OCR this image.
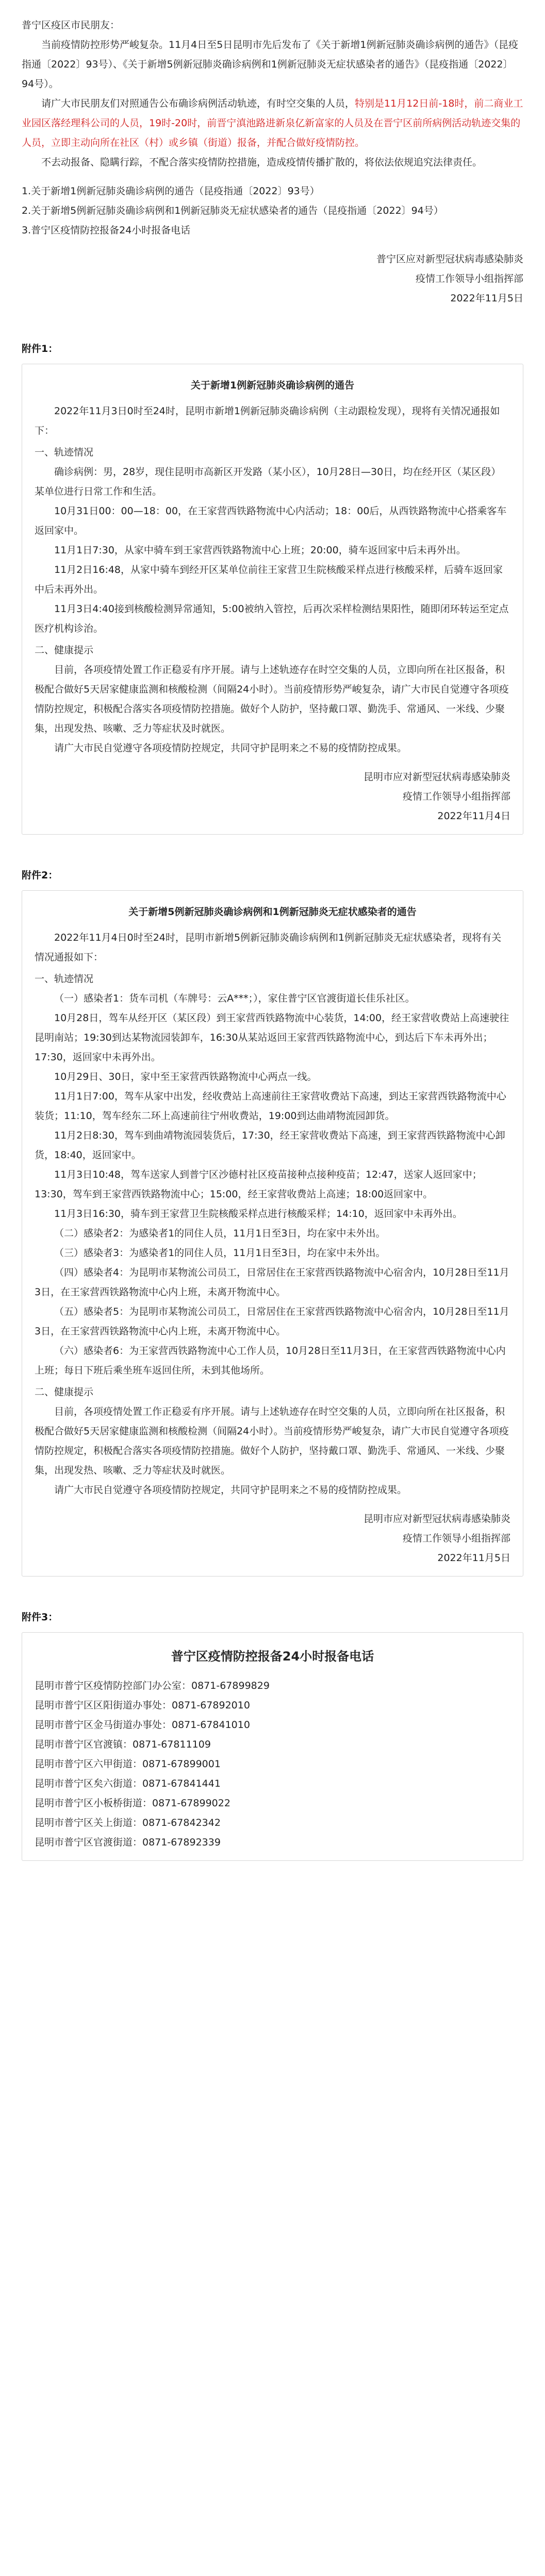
普宁区疫区市民朋友：

当前疫情防控形势严峻复杂。11月4日至5日昆明市先后发布了《关于新增1例新冠肺炎确诊病例的通告》（昆疫指通〔2022〕93号）、《关于新增5例新冠肺炎确诊病例和1例新冠肺炎无症状感染者的通告》（昆疫指通〔2022〕94号）。

请广大市民朋友们对照通告公布确诊病例活动轨迹，有时空交集的人员，特别是11月12日前-18时，前二商业工业园区落经理科公司的人员，19时-20时，前晋宁滇池路进新泉亿新富家的人员及在晋宁区前所病例活动轨迹交集的人员，立即主动向所在社区（村）或乡镇（街道）报备，并配合做好疫情防控。

不去动报备、隐瞒行踪，不配合落实疫情防控措施，造成疫情传播扩散的，将依法依规追究法律责任。

1.关于新增1例新冠肺炎确诊病例的通告（昆疫指通〔2022〕93号）

2.关于新增5例新冠肺炎确诊病例和1例新冠肺炎无症状感染者的通告（昆疫指通〔2022〕94号）

3.普宁区疫情防控报备24小时报备电话

普宁区应对新型冠状病毒感染肺炎

疫情工作领导小组指挥部

2022年11月5日

附件1：

关于新增1例新冠肺炎确诊病例的通告

2022年11月3日0时至24时，昆明市新增1例新冠肺炎确诊病例（主动跟检发现），现将有关情况通报如下：

一、轨迹情况

确诊病例：男，28岁，现住昆明市高新区开发路（某小区），10月28日—30日，均在经开区（某区段）某单位进行日常工作和生活。

10月31日00：00—18：00，在王家营西铁路物流中心内活动；18：00后，从西铁路物流中心搭乘客车返回家中。

11月1日7:30，从家中骑车到王家营西铁路物流中心上班；20:00，骑车返回家中后未再外出。

11月2日16:48，从家中骑车到经开区某单位前往王家营卫生院核酸采样点进行核酸采样，后骑车返回家中后未再外出。

11月3日4:40接到核酸检测异常通知，5:00被纳入管控，后再次采样检测结果阳性，随即闭环转运至定点医疗机构诊治。

二、健康提示

目前，各项疫情处置工作正稳妥有序开展。请与上述轨迹存在时空交集的人员，立即向所在社区报备，积极配合做好5天居家健康监测和核酸检测（间隔24小时）。当前疫情形势严峻复杂，请广大市民自觉遵守各项疫情防控规定，积极配合落实各项疫情防控措施。做好个人防护，坚持戴口罩、勤洗手、常通风、一米线、少聚集，出现发热、咳嗽、乏力等症状及时就医。

请广大市民自觉遵守各项疫情防控规定，共同守护昆明来之不易的疫情防控成果。

昆明市应对新型冠状病毒感染肺炎

疫情工作领导小组指挥部

2022年11月4日

附件2：

关于新增5例新冠肺炎确诊病例和1例新冠肺炎无症状感染者的通告

2022年11月4日0时至24时，昆明市新增5例新冠肺炎确诊病例和1例新冠肺炎无症状感染者，现将有关情况通报如下：

一、轨迹情况

（一）感染者1：货车司机（车牌号：云A***；），家住普宁区官渡街道长佳乐社区。

10月28日，驾车从经开区（某区段）到王家营西铁路物流中心装货，14:00，经王家营收费站上高速驶往昆明南站；19:30到达某物流园装卸车，16:30从某站返回王家营西铁路物流中心，到达后下车未再外出；17:30，返回家中未再外出。

10月29日、30日，家中至王家营西铁路物流中心两点一线。

11月1日7:00，驾车从家中出发，经收费站上高速前往王家营收费站下高速，到达王家营西铁路物流中心装货；11:10，驾车经东二环上高速前往宁州收费站，19:00到达曲靖物流园卸货。

11月2日8:30，驾车到曲靖物流园装货后，17:30，经王家营收费站下高速，到王家营西铁路物流中心卸货，18:40，返回家中。

11月3日10:48，驾车送家人到普宁区沙德村社区疫苗接种点接种疫苗；12:47，送家人返回家中；13:30，驾车到王家营西铁路物流中心；15:00，经王家营收费站上高速；18:00返回家中。

11月3日16:30，骑车到王家营卫生院核酸采样点进行核酸采样；14:10，返回家中未再外出。

（二）感染者2：为感染者1的同住人员，11月1日至3日，均在家中未外出。

（三）感染者3：为感染者1的同住人员，11月1日至3日，均在家中未外出。

（四）感染者4：为昆明市某物流公司员工，日常居住在王家营西铁路物流中心宿舍内，10月28日至11月3日，在王家营西铁路物流中心内上班，未离开物流中心。

（五）感染者5：为昆明市某物流公司员工，日常居住在王家营西铁路物流中心宿舍内，10月28日至11月3日，在王家营西铁路物流中心内上班，未离开物流中心。

（六）感染者6：为王家营西铁路物流中心工作人员，10月28日至11月3日，在王家营西铁路物流中心内上班；每日下班后乘坐班车返回住所，未到其他场所。

二、健康提示

目前，各项疫情处置工作正稳妥有序开展。请与上述轨迹存在时空交集的人员，立即向所在社区报备，积极配合做好5天居家健康监测和核酸检测（间隔24小时）。当前疫情形势严峻复杂，请广大市民自觉遵守各项疫情防控规定，积极配合落实各项疫情防控措施。做好个人防护，坚持戴口罩、勤洗手、常通风、一米线、少聚集，出现发热、咳嗽、乏力等症状及时就医。

请广大市民自觉遵守各项疫情防控规定，共同守护昆明来之不易的疫情防控成果。

昆明市应对新型冠状病毒感染肺炎

疫情工作领导小组指挥部

2022年11月5日

附件3：

普宁区疫情防控报备24小时报备电话

昆明市普宁区疫情防控部门办公室：0871-67899829

昆明市普宁区区阳街道办事处：0871-67892010

昆明市普宁区金马街道办事处：0871-67841010

昆明市普宁区官渡镇：0871-67811109

昆明市普宁区六甲街道：0871-67899001

昆明市普宁区矣六街道：0871-67841441

昆明市普宁区小板桥街道：0871-67899022

昆明市普宁区关上街道：0871-67842342

昆明市普宁区官渡街道：0871-67892339
